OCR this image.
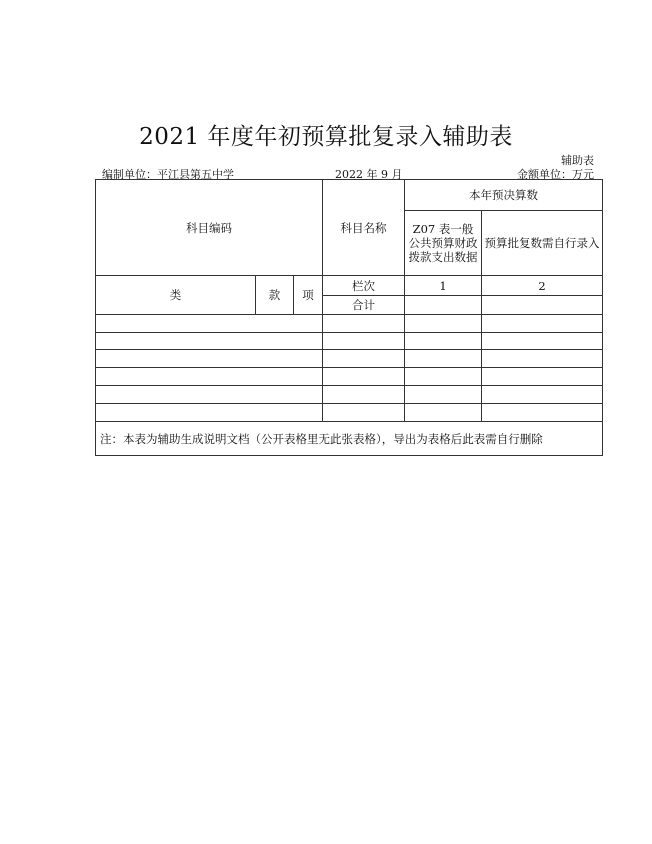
2021 年度年初预算批复录入辅助表
辅助表
编制单位：平江县第五中学	2022 年 9 月	金额单位：万元
科目编码			科目名称	本年预决算数	
				Z07 表一般公共预算财政拨款支出数据	预算批复数需自行录入
类	款	项	栏次	1	2
			合计		

注：本表为辅助生成说明文档（公开表格里无此张表格），导出为表格后此表需自行删除					
